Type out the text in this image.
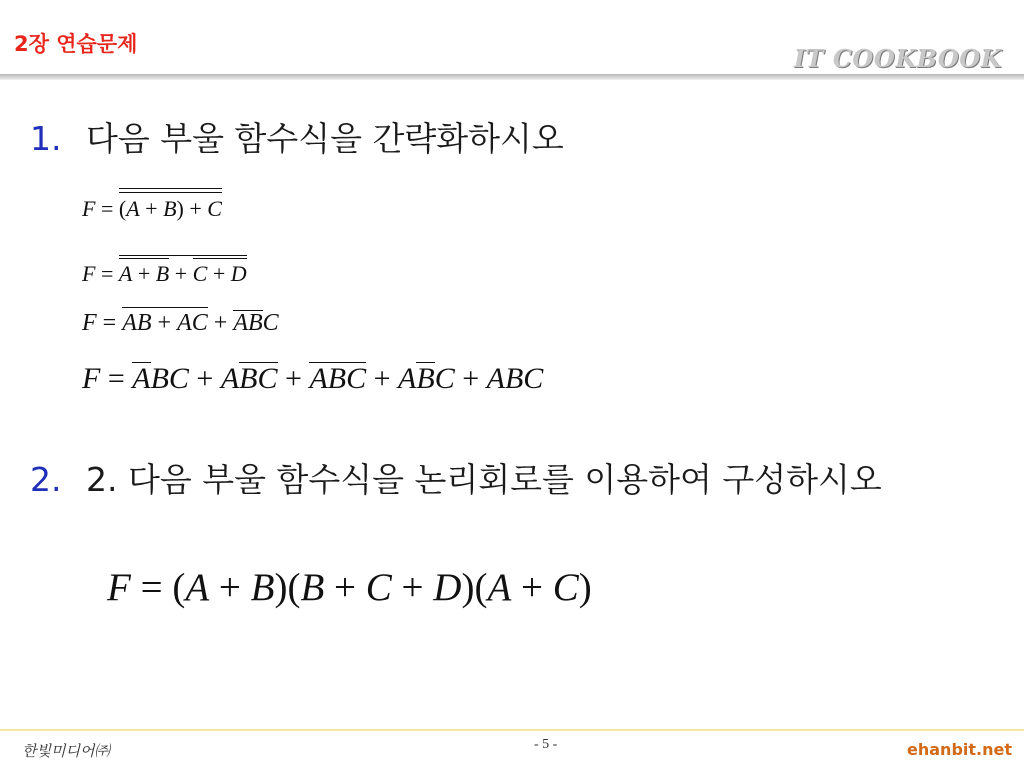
2장 연습문제	IT COOKBOOK
1. 다음 부울 함수식을 간략화하시오
F = (A + B) + C
F = A + B + C + D
F = AB + AC + ABC
F = ABC + ABC + ABC + ABC + ABC
2. 2. 다음 부울 함수식을 논리회로를 이용하여 구성하시오
F = (A + B)(B + C + D)(A + C)
한빛미디어㈜	- 5 -	ehanbit.net
